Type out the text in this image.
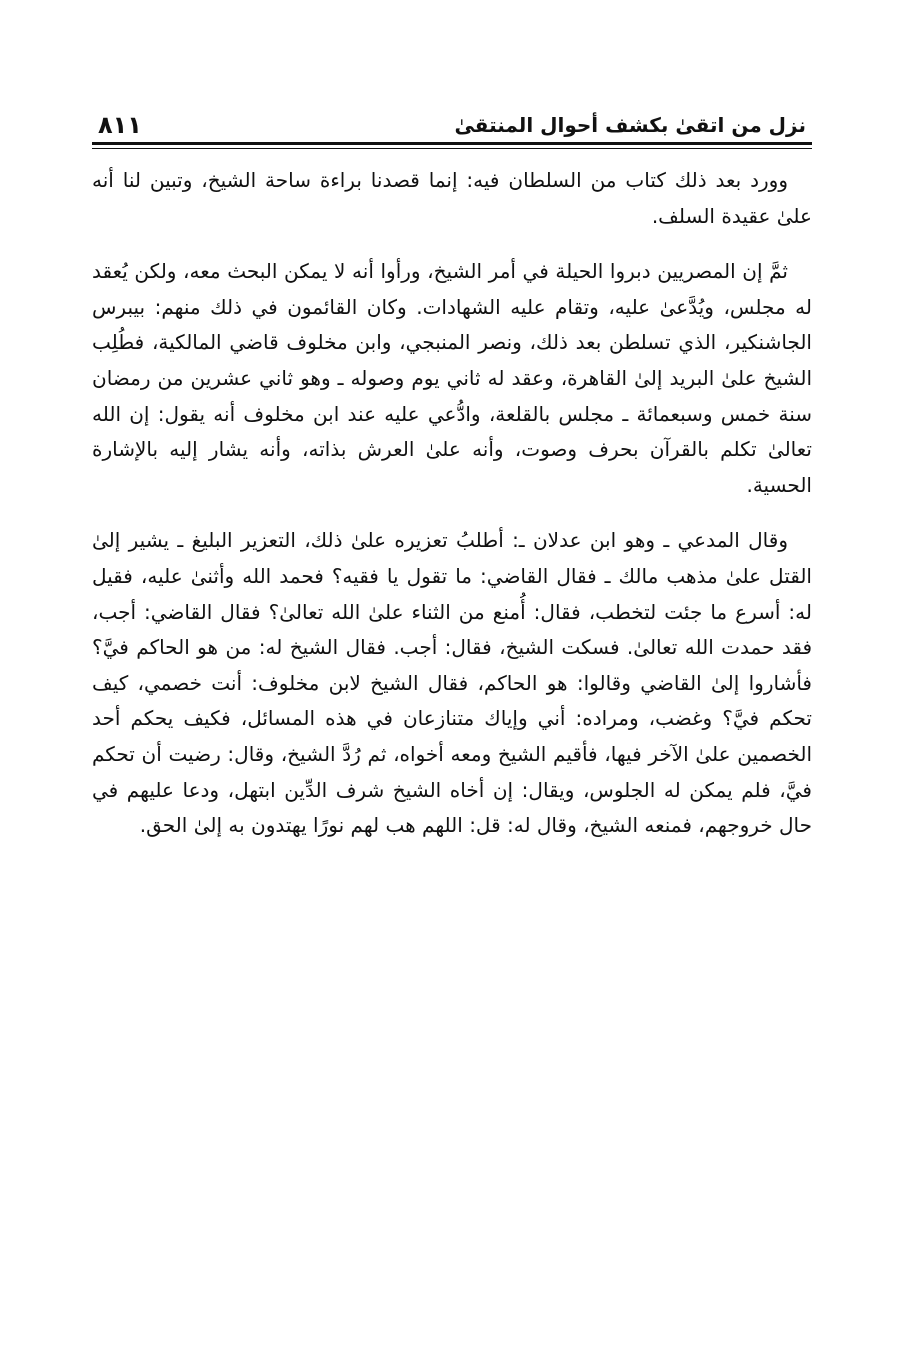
نزل من اتقىٰ بكشف أحوال المنتقىٰ
٨١١

وورد بعد ذلك كتاب من السلطان فيه: إنما قصدنا براءة ساحة الشيخ، وتبين لنا أنه علىٰ عقيدة السلف.

ثمَّ إن المصريين دبروا الحيلة في أمر الشيخ، ورأوا أنه لا يمكن البحث معه، ولكن يُعقد له مجلس، ويُدَّعىٰ عليه، وتقام عليه الشهادات. وكان القائمون في ذلك منهم: بيبرس الجاشنكير، الذي تسلطن بعد ذلك، ونصر المنبجي، وابن مخلوف قاضي المالكية، فطُلِب الشيخ علىٰ البريد إلىٰ القاهرة، وعقد له ثاني يوم وصوله ـ وهو ثاني عشرين من رمضان سنة خمس وسبعمائة ـ مجلس بالقلعة، وادُّعي عليه عند ابن مخلوف أنه يقول: إن الله تعالىٰ تكلم بالقرآن بحرف وصوت، وأنه علىٰ العرش بذاته، وأنه يشار إليه بالإشارة الحسية.

وقال المدعي ـ وهو ابن عدلان ـ: أطلبُ تعزيره علىٰ ذلك، التعزير البليغ ـ يشير إلىٰ القتل علىٰ مذهب مالك ـ فقال القاضي: ما تقول يا فقيه؟ فحمد الله وأثنىٰ عليه، فقيل له: أسرع ما جئت لتخطب، فقال: أُمنع من الثناء علىٰ الله تعالىٰ؟ فقال القاضي: أجب، فقد حمدت الله تعالىٰ. فسكت الشيخ، فقال: أجب. فقال الشيخ له: من هو الحاكم فيَّ؟ فأشاروا إلىٰ القاضي وقالوا: هو الحاكم، فقال الشيخ لابن مخلوف: أنت خصمي، كيف تحكم فيَّ؟ وغضب، ومراده: أني وإياك متنازعان في هذه المسائل، فكيف يحكم أحد الخصمين علىٰ الآخر فيها، فأقيم الشيخ ومعه أخواه، ثم رُدَّ الشيخ، وقال: رضيت أن تحكم فيَّ، فلم يمكن له الجلوس، ويقال: إن أخاه الشيخ شرف الدِّين ابتهل، ودعا عليهم في حال خروجهم، فمنعه الشيخ، وقال له: قل: اللهم هب لهم نورًا يهتدون به إلىٰ الحق.
